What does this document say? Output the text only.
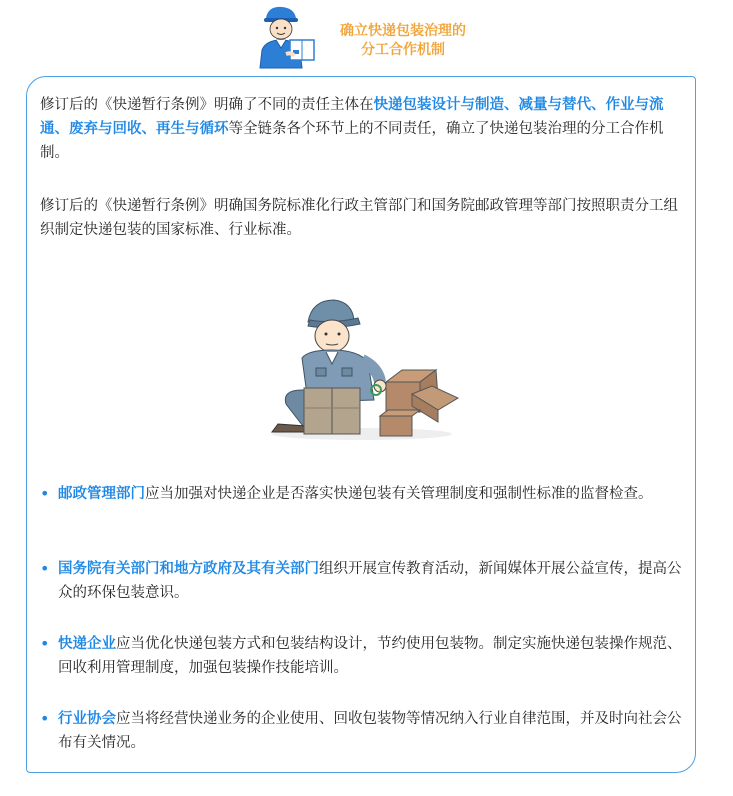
确立快递包装治理的
分工合作机制

修订后的《快递暂行条例》明确了不同的责任主体在快递包装设计与制造、减量与替代、作业与流通、废弃与回收、再生与循环等全链条各个环节上的不同责任，确立了快递包装治理的分工合作机制。

修订后的《快递暂行条例》明确国务院标准化行政主管部门和国务院邮政管理等部门按照职责分工组织制定快递包装的国家标准、行业标准。

• 邮政管理部门应当加强对快递企业是否落实快递包装有关管理制度和强制性标准的监督检查。
• 国务院有关部门和地方政府及其有关部门组织开展宣传教育活动，新闻媒体开展公益宣传，提高公众的环保包装意识。
• 快递企业应当优化快递包装方式和包装结构设计，节约使用包装物。制定实施快递包装操作规范、回收利用管理制度，加强包装操作技能培训。
• 行业协会应当将经营快递业务的企业使用、回收包装物等情况纳入行业自律范围，并及时向社会公布有关情况。
